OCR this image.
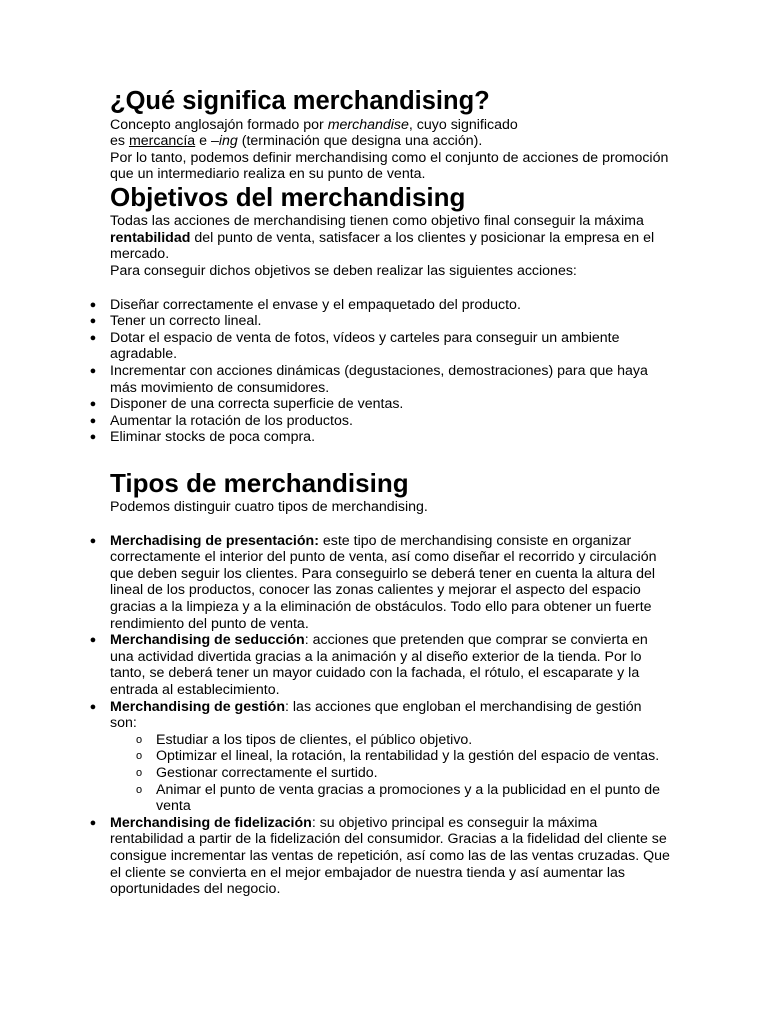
¿Qué significa merchandising?

Concepto anglosajón formado por merchandise, cuyo significado

es mercancía e –ing (terminación que designa una acción).

Por lo tanto, podemos definir merchandising como el conjunto de acciones de promoción que un intermediario realiza en su punto de venta.

Objetivos del merchandising

Todas las acciones de merchandising tienen como objetivo final conseguir la máxima rentabilidad del punto de venta, satisfacer a los clientes y posicionar la empresa en el mercado.

Para conseguir dichos objetivos se deben realizar las siguientes acciones:

● Diseñar correctamente el envase y el empaquetado del producto.
● Tener un correcto lineal.
● Dotar el espacio de venta de fotos, vídeos y carteles para conseguir un ambiente agradable.
● Incrementar con acciones dinámicas (degustaciones, demostraciones) para que haya más movimiento de consumidores.
● Disponer de una correcta superficie de ventas.
● Aumentar la rotación de los productos.
● Eliminar stocks de poca compra.
Tipos de merchandising

Podemos distinguir cuatro tipos de merchandising.

● Merchadising de presentación: este tipo de merchandising consiste en organizar correctamente el interior del punto de venta, así como diseñar el recorrido y circulación que deben seguir los clientes. Para conseguirlo se deberá tener en cuenta la altura del lineal de los productos, conocer las zonas calientes y mejorar el aspecto del espacio gracias a la limpieza y a la eliminación de obstáculos. Todo ello para obtener un fuerte rendimiento del punto de venta.
● Merchandising de seducción: acciones que pretenden que comprar se convierta en una actividad divertida gracias a la animación y al diseño exterior de la tienda. Por lo tanto, se deberá tener un mayor cuidado con la fachada, el rótulo, el escaparate y la entrada al establecimiento.
● Merchandising de gestión: las acciones que engloban el merchandising de gestión son:
o Estudiar a los tipos de clientes, el público objetivo.
o Optimizar el lineal, la rotación, la rentabilidad y la gestión del espacio de ventas.
o Gestionar correctamente el surtido.
o Animar el punto de venta gracias a promociones y a la publicidad en el punto de venta
● Merchandising de fidelización: su objetivo principal es conseguir la máxima rentabilidad a partir de la fidelización del consumidor. Gracias a la fidelidad del cliente se consigue incrementar las ventas de repetición, así como las de las ventas cruzadas. Que el cliente se convierta en el mejor embajador de nuestra tienda y así aumentar las oportunidades del negocio.
